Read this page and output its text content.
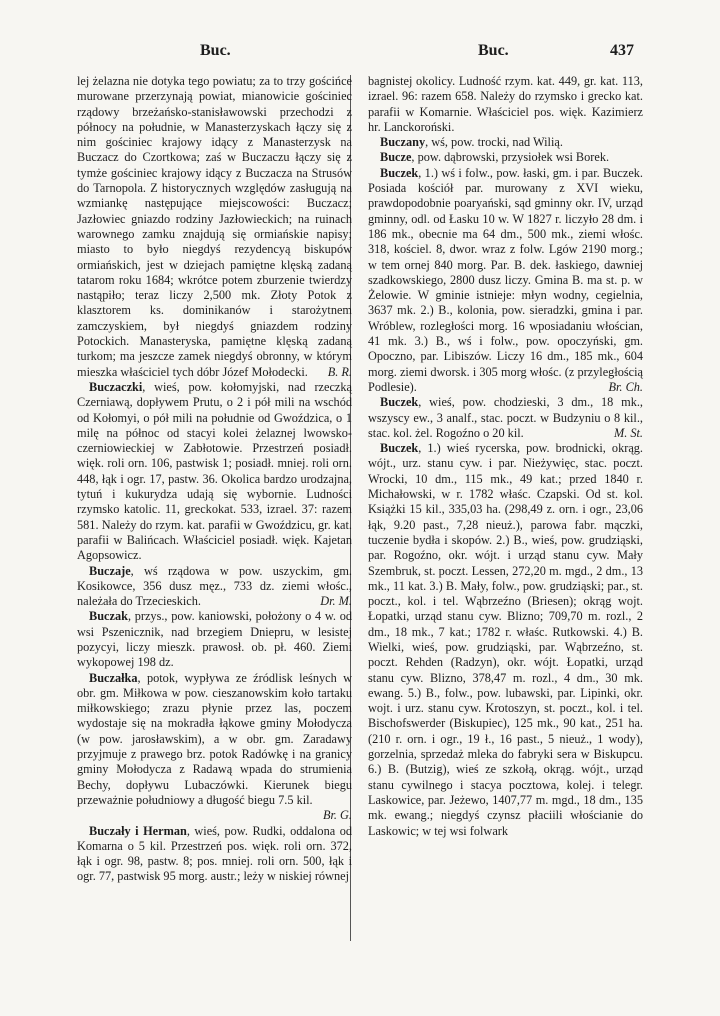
Buc.	Buc.	437

lej żelazna nie dotyka tego powiatu; za to trzy gościńce murowane przerzynają powiat, mianowicie gościniec rządowy brzeżańsko-stanisławowski przechodzi z północy na południe, w Manasterzyskach łączy się z nim gościniec krajowy idący z Manasterzysk na Buczacz do Czortkowa; zaś w Buczaczu łączy się z tymże gościniec krajowy idący z Buczacza na Strusów do Tarnopola. Z historycznych względów zasługują na wzmiankę następujące miejscowości: Buczacz; Jazłowiec gniazdo rodziny Jazłowieckich; na ruinach warownego zamku znajdują się ormiańskie napisy; miasto to było niegdyś rezydencyą biskupów ormiańskich, jest w dziejach pamiętne klęską zadaną tatarom roku 1684; wkrótce potem zburzenie twierdzy nastąpiło; teraz liczy 2,500 mk. Złoty Potok z klasztorem ks. dominikanów i starożytnem zamczyskiem, był niegdyś gniazdem rodziny Potockich. Manasteryska, pamiętne klęską zadaną turkom; ma jeszcze zamek niegdyś obronny, w którym mieszka właściciel tych dóbr Józef Mołodecki. B. R.

Buczaczki, wieś, pow. kołomyjski, nad rzeczką Czerniawą, dopływem Prutu, o 2 i pół mili na wschód od Kołomyi, o pół mili na południe od Gwoździca, o 1 milę na północ od stacyi kolei żelaznej lwowsko-czerniowieckiej w Zabłotowie. Przestrzeń posiadł. więk. roli orn. 106, pastwisk 1; posiadł. mniej. roli orn. 448, łąk i ogr. 17, pastw. 36. Okolica bardzo urodzajna, tytuń i kukurydza udają się wybornie. Ludności rzymsko katolic. 11, greckokat. 533, izrael. 37: razem 581. Należy do rzym. kat. parafii w Gwoździcu, gr. kat. parafii w Balińcach. Właściciel posiadł. więk. Kajetan Agopsowicz.

Buczaje, wś rządowa w pow. uszyckim, gm. Kosikowce, 356 dusz męz., 733 dz. ziemi włośc., należała do Trzecieskich.	Dr. M.

Buczak, przys., pow. kaniowski, położony o 4 w. od wsi Pszenicznik, nad brzegiem Dniepru, w lesistej pozycyi, liczy mieszk. prawosł. ob. pł. 460. Ziemi wykopowej 198 dz.

Buczałka, potok, wypływa ze źródlisk leśnych w obr. gm. Miłkowa w pow. cieszanowskim koło tartaku miłkowskiego; zrazu płynie przez las, poczem wydostaje się na mokradła łąkowe gminy Mołodycza (w pow. jarosławskim), a w obr. gm. Zaradawy przyjmuje z prawego brz. potok Radówkę i na granicy gminy Mołodycza z Radawą wpada do strumienia Bechy, dopływu Lubaczówki. Kierunek biegu przeważnie południowy a długość biegu 7.5 kil.
Br. G.

Buczały i Herman, wieś, pow. Rudki, oddalona od Komarna o 5 kil. Przestrzeń pos. więk. roli orn. 372, łąk i ogr. 98, pastw. 8; pos. mniej. roli orn. 500, łąk i ogr. 77, pastwisk 95 morg. austr.; leży w niskiej równej

bagnistej okolicy. Ludność rzym. kat. 449, gr. kat. 113, izrael. 96: razem 658. Należy do rzymsko i grecko kat. parafii w Komarnie. Właściciel pos. więk. Kazimierz hr. Lanckoroński.

Buczany, wś, pow. trocki, nad Wilią.

Bucze, pow. dąbrowski, przysiołek wsi Borek.

Buczek, 1.) wś i folw., pow. łaski, gm. i par. Buczek. Posiada kościół par. murowany z XVI wieku, prawdopodobnie poaryański, sąd gminny okr. IV, urząd gminny, odl. od Łasku 10 w. W 1827 r. liczyło 28 dm. i 186 mk., obecnie ma 64 dm., 500 mk., ziemi włośc. 318, kościel. 8, dwor. wraz z folw. Lgów 2190 morg.; w tem ornej 840 morg. Par. B. dek. łaskiego, dawniej szadkowskiego, 2800 dusz liczy. Gmina B. ma st. p. w Żelowie. W gminie istnieje: młyn wodny, cegielnia, 3637 mk. 2.) B., kolonia, pow. sieradzki, gmina i par. Wróblew, rozległości morg. 16 wposiadaniu włościan, 41 mk. 3.) B., wś i folw., pow. opoczyński, gm. Opoczno, par. Libiszów. Liczy 16 dm., 185 mk., 604 morg. ziemi dworsk. i 305 morg włośc. (z przyległością Podlesie).	Br. Ch.

Buczek, wieś, pow. chodzieski, 3 dm., 18 mk., wszyscy ew., 3 analf., stac. poczt. w Budzyniu o 8 kil., stac. kol. żel. Rogoźno o 20 kil.	M. St.

Buczek, 1.) wieś rycerska, pow. brodnicki, okrąg. wójt., urz. stanu cyw. i par. Nieżywięc, stac. poczt. Wrocki, 10 dm., 115 mk., 49 kat.; przed 1840 r. Michałowski, w r. 1782 właśc. Czapski. Od st. kol. Książki 15 kil., 335,03 ha. (298,49 z. orn. i ogr., 23,06 łąk, 9.20 past., 7,28 nieuż.), parowa fabr. mączki, tuczenie bydła i skopów. 2.) B., wieś, pow. grudziąski, par. Rogoźno, okr. wójt. i urząd stanu cyw. Mały Szembruk, st. poczt. Lessen, 272,20 m. mgd., 2 dm., 13 mk., 11 kat. 3.) B. Mały, folw., pow. grudziąski; par., st. poczt., kol. i tel. Wąbrzeźno (Briesen); okrąg wojt. Łopatki, urząd stanu cyw. Blizno; 709,70 m. rozl., 2 dm., 18 mk., 7 kat.; 1782 r. właśc. Rutkowski. 4.) B. Wielki, wieś, pow. grudziąski, par. Wąbrzeźno, st. poczt. Rehden (Radzyn), okr. wójt. Łopatki, urząd stanu cyw. Blizno, 378,47 m. rozl., 4 dm., 30 mk. ewang. 5.) B., folw., pow. lubawski, par. Lipinki, okr. wojt. i urz. stanu cyw. Krotoszyn, st. poczt., kol. i tel. Bischofswerder (Biskupiec), 125 mk., 90 kat., 251 ha. (210 r. orn. i ogr., 19 ł., 16 past., 5 nieuż., 1 wody), gorzelnia, sprzedaż mleka do fabryki sera w Biskupcu. 6.) B. (Butzig), wieś ze szkołą, okrąg. wójt., urząd stanu cywilnego i stacya pocztowa, kolej. i telegr. Laskowice, par. Jeżewo, 1407,77 m. mgd., 18 dm., 135 mk. ewang.; niegdyś czynsz płaciili włościanie do Laskowic; w tej wsi folwark
